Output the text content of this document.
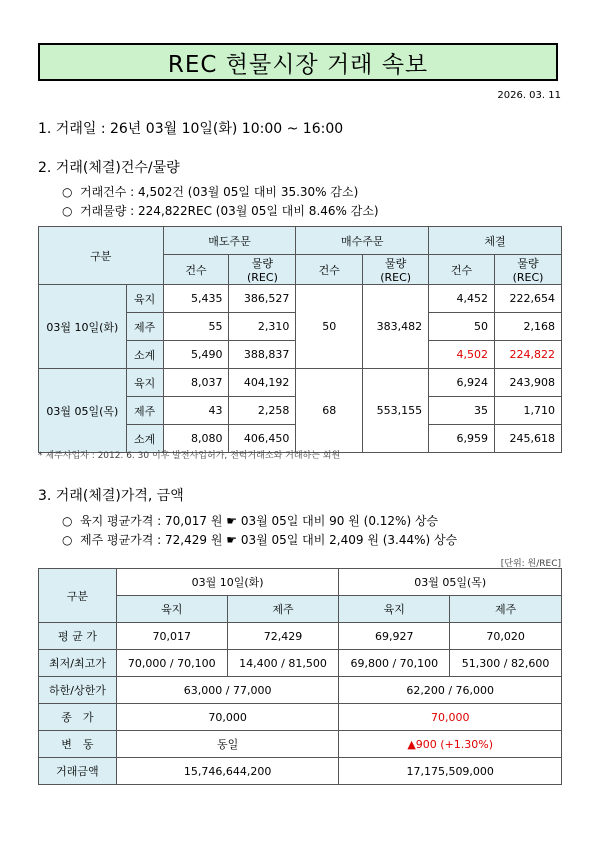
REC 현물시장 거래 속보
2026. 03. 11
1. 거래일 : 26년 03월 10일(화) 10:00 ~ 16:00
2. 거래(체결)건수/물량
○ 거래건수 : 4,502건 (03월 05일 대비 35.30% 감소)
○ 거래물량 : 224,822REC (03월 05일 대비 8.46% 감소)
구분		매도주문		매수주문		체결	
		건수	물량 (REC)	건수	물량 (REC)	건수	물량 (REC)
03월 10일(화)	육지	5,435	386,527	50	383,482	4,452	222,654
	제주	55	2,310			50	2,168
	소계	5,490	388,837			4,502	224,822
03월 05일(목)	육지	8,037	404,192	68	553,155	6,924	243,908
	제주	43	2,258			35	1,710
	소계	8,080	406,450			6,959	245,618
* 제주사업자 : 2012. 6. 30 이후 발전사업허가, 전력거래소와 거래하는 회원
3. 거래(체결)가격, 금액
○ 육지 평균가격 : 70,017 원 ☛ 03월 05일 대비 90 원 (0.12%) 상승
○ 제주 평균가격 : 72,429 원 ☛ 03월 05일 대비 2,409 원 (3.44%) 상승
[단위: 원/REC]
구분	03월 10일(화)		03월 05일(목)	
	육지	제주	육지	제주
평 균 가	70,017	72,429	69,927	70,020
최저/최고가	70,000 / 70,100	14,400 / 81,500	69,800 / 70,100	51,300 / 82,600
하한/상한가	63,000 / 77,000		62,200 / 76,000	
종　가	70,000		70,000	
변　동	동일		▲900 (+1.30%)	
거래금액	15,746,644,200		17,175,509,000	
